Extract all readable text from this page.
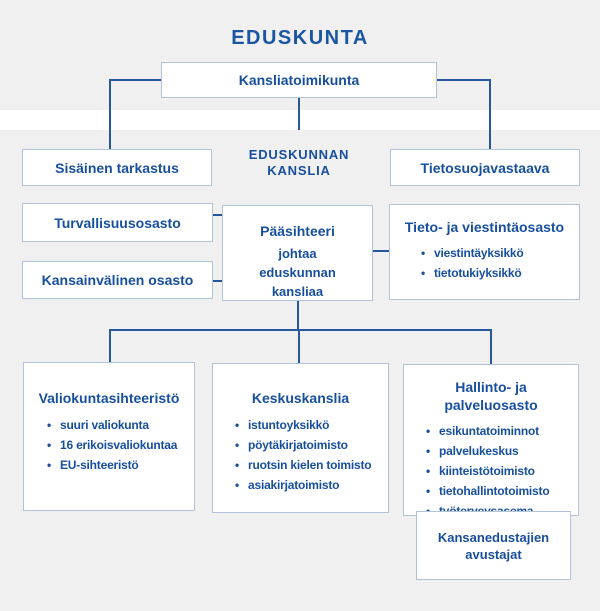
EDUSKUNTA
Kansliatoimikunta
Sisäinen tarkastus
EDUSKUNNAN
KANSLIA	Tietosuojavastaava
Turvallisuusosasto
Kansainvälinen osasto
Pääsihteeri
johtaa
eduskunnan
kansliaa
Tieto- ja viestintäosasto
• viestintäyksikkö
• tietotukiyksikkö
Valiokuntasihteeristö
• suuri valiokunta
• 16 erikoisvaliokuntaa
• EU-sihteeristö
Keskuskanslia
• istuntoyksikkö
• pöytäkirjatoimisto
• ruotsin kielen toimisto
• asiakirjatoimisto
Hallinto- ja
palveluosasto
• esikuntatoiminnot
• palvelukeskus
• kiinteistötoimisto
• tietohallintotoimisto
•
Kansanedustajien
avustajat
